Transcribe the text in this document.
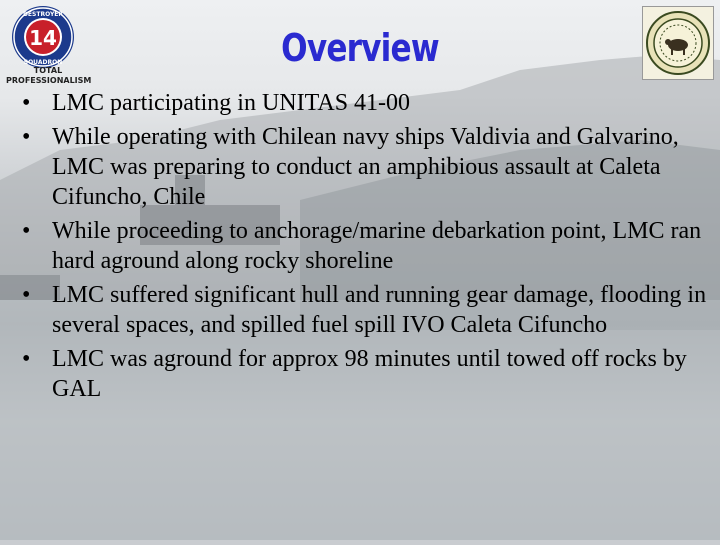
14
DESTROYER
SQUADRON
TOTAL
PROFESSIONALISM
Overview
• LMC participating in UNITAS 41-00
• While operating with Chilean navy ships Valdivia and Galvarino, LMC was preparing to conduct an amphibious assault at Caleta Cifuncho, Chile
• While proceeding to anchorage/marine debarkation point, LMC ran hard aground along rocky shoreline
• LMC suffered significant hull and running gear damage, flooding in several spaces, and spilled fuel spill IVO Caleta Cifuncho
• LMC was aground for approx 98 minutes until towed off rocks by GAL
